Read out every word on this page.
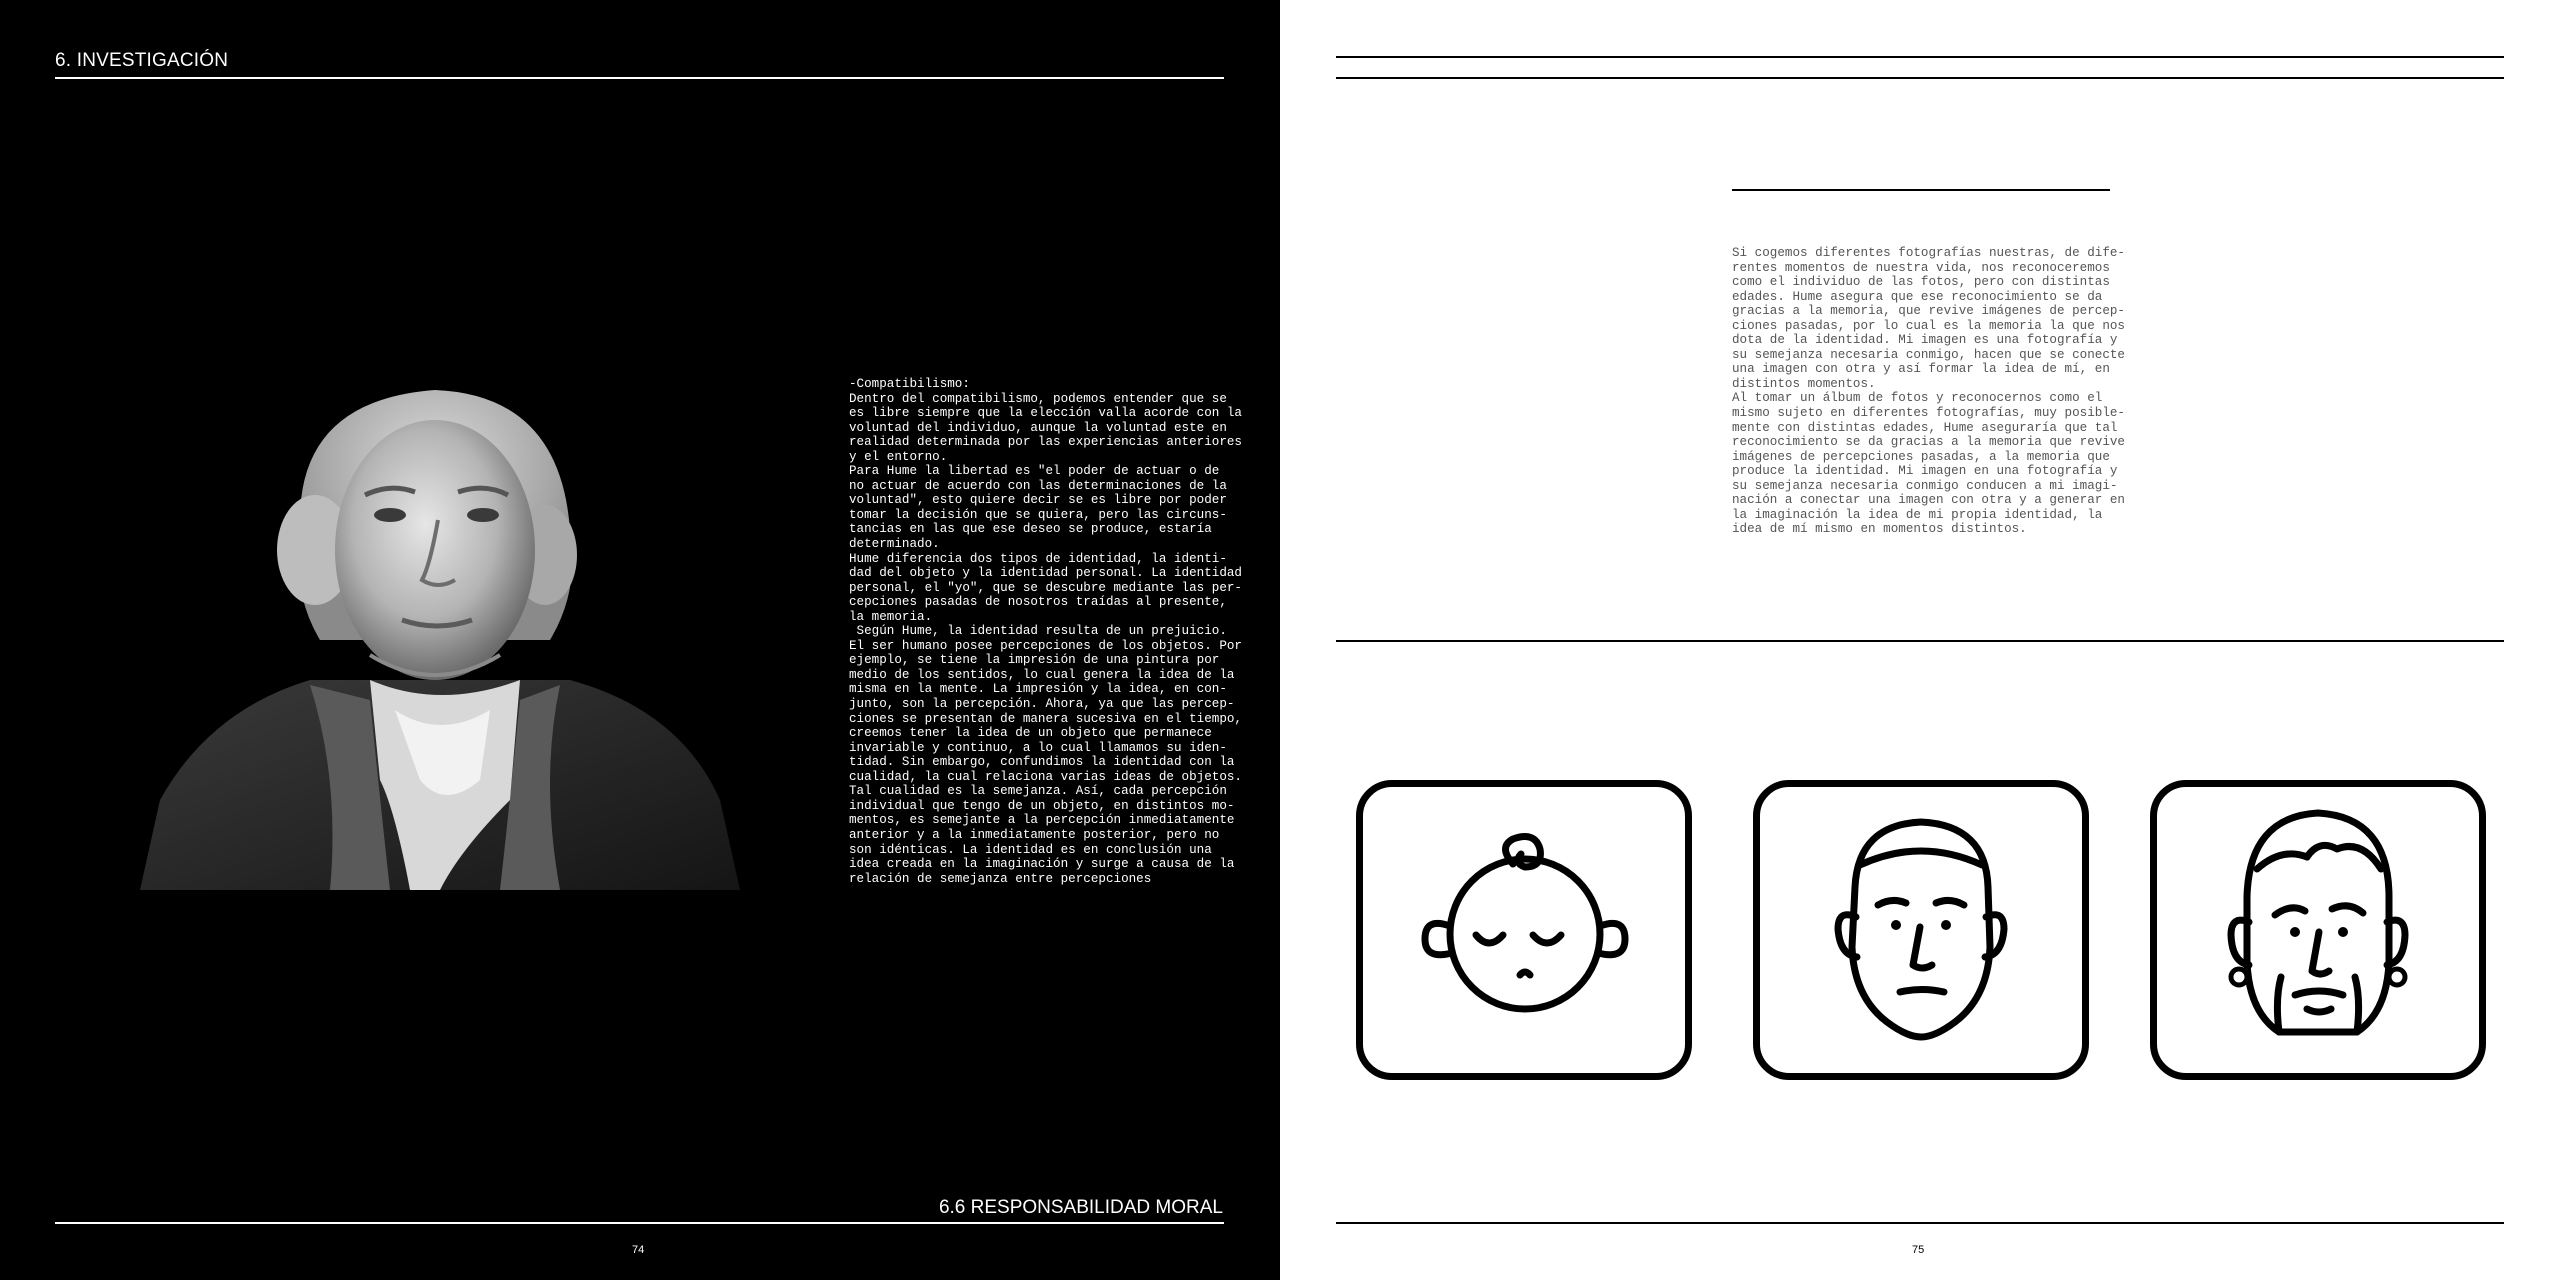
6. INVESTIGACIÓN
-Compatibilismo:
Dentro del compatibilismo, podemos entender que se
es libre siempre que la elección valla acorde con la
voluntad del individuo, aunque la voluntad este en
realidad determinada por las experiencias anteriores
y el entorno.
Para Hume la libertad es "el poder de actuar o de
no actuar de acuerdo con las determinaciones de la
voluntad", esto quiere decir se es libre por poder
tomar la decisión que se quiera, pero las circuns-
tancias en las que ese deseo se produce, estaría
determinado.
Hume diferencia dos tipos de identidad, la identi-
dad del objeto y la identidad personal. La identidad
personal, el "yo", que se descubre mediante las per-
cepciones pasadas de nosotros traídas al presente,
la memoria.
Según Hume, la identidad resulta de un prejuicio.
El ser humano posee percepciones de los objetos. Por
ejemplo, se tiene la impresión de una pintura por
medio de los sentidos, lo cual genera la idea de la
misma en la mente. La impresión y la idea, en con-
junto, son la percepción. Ahora, ya que las percep-
ciones se presentan de manera sucesiva en el tiempo,
creemos tener la idea de un objeto que permanece
invariable y continuo, a lo cual llamamos su iden-
tidad. Sin embargo, confundimos la identidad con la
cualidad, la cual relaciona varias ideas de objetos.
Tal cualidad es la semejanza. Así, cada percepción
individual que tengo de un objeto, en distintos mo-
mentos, es semejante a la percepción inmediatamente
anterior y a la inmediatamente posterior, pero no
son idénticas. La identidad es en conclusión una
idea creada en la imaginación y surge a causa de la
relación de semejanza entre percepciones
6.6 RESPONSABILIDAD MORAL
74
Si cogemos diferentes fotografías nuestras, de dife-
rentes momentos de nuestra vida, nos reconoceremos
como el individuo de las fotos, pero con distintas
edades. Hume asegura que ese reconocimiento se da
gracias a la memoria, que revive imágenes de percep-
ciones pasadas, por lo cual es la memoria la que nos
dota de la identidad. Mi imagen es una fotografía y
su semejanza necesaria conmigo, hacen que se conecte
una imagen con otra y así formar la idea de mí, en
distintos momentos.
Al tomar un álbum de fotos y reconocernos como el
mismo sujeto en diferentes fotografías, muy posible-
mente con distintas edades, Hume aseguraría que tal
reconocimiento se da gracias a la memoria que revive
imágenes de percepciones pasadas, a la memoria que
produce la identidad. Mi imagen en una fotografía y
su semejanza necesaria conmigo conducen a mi imagi-
nación a conectar una imagen con otra y a generar en
la imaginación la idea de mi propia identidad, la
idea de mí mismo en momentos distintos.
75
